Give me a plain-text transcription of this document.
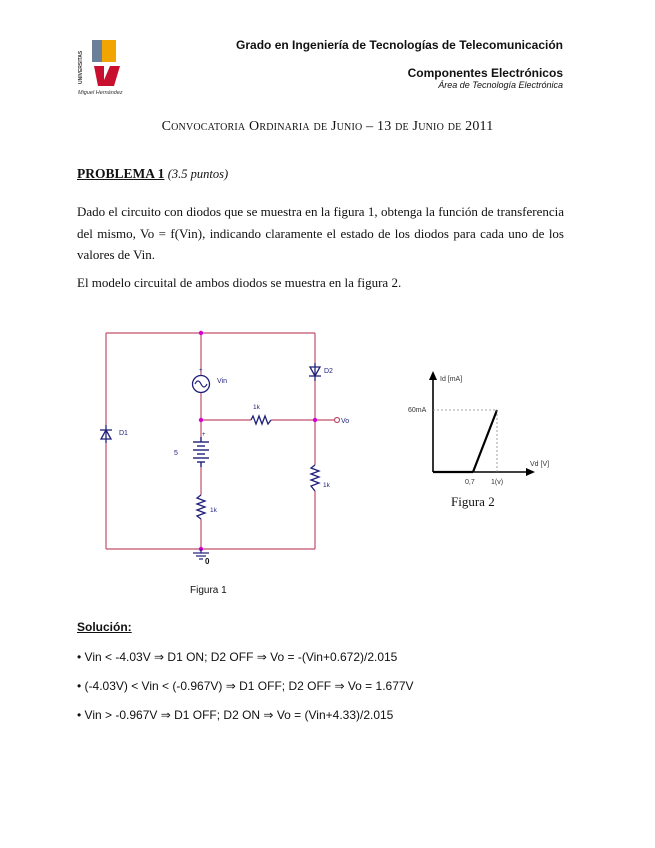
UNIVERSITAS
Miguel Hernández
Grado en Ingeniería de Tecnologías de Telecomunicación
Componentes Electrónicos
Área de Tecnología Electrónica
Convocatoria Ordinaria de Junio – 13 de Junio de 2011
PROBLEMA 1 (3.5 puntos)
Dado el circuito con diodos que se muestra en la figura 1, obtenga la función de transferencia del mismo, Vo = f(Vin), indicando claramente el estado de los diodos para cada uno de los valores de Vin.
El modelo circuital de ambos diodos se muestra en la figura 2.
D1
D2
+
Vin
1k
Vo
+
5
1k
1k
0
Figura 1
Id [mA]
Vd [V]
60mA
0,7 1(v)
Figura 2
Solución:
• Vin < -4.03V ⇒ D1 ON; D2 OFF ⇒ Vo = -(Vin+0.672)/2.015
• (-4.03V) < Vin < (-0.967V) ⇒ D1 OFF; D2 OFF ⇒ Vo = 1.677V
• Vin > -0.967V ⇒ D1 OFF; D2 ON ⇒ Vo = (Vin+4.33)/2.015
